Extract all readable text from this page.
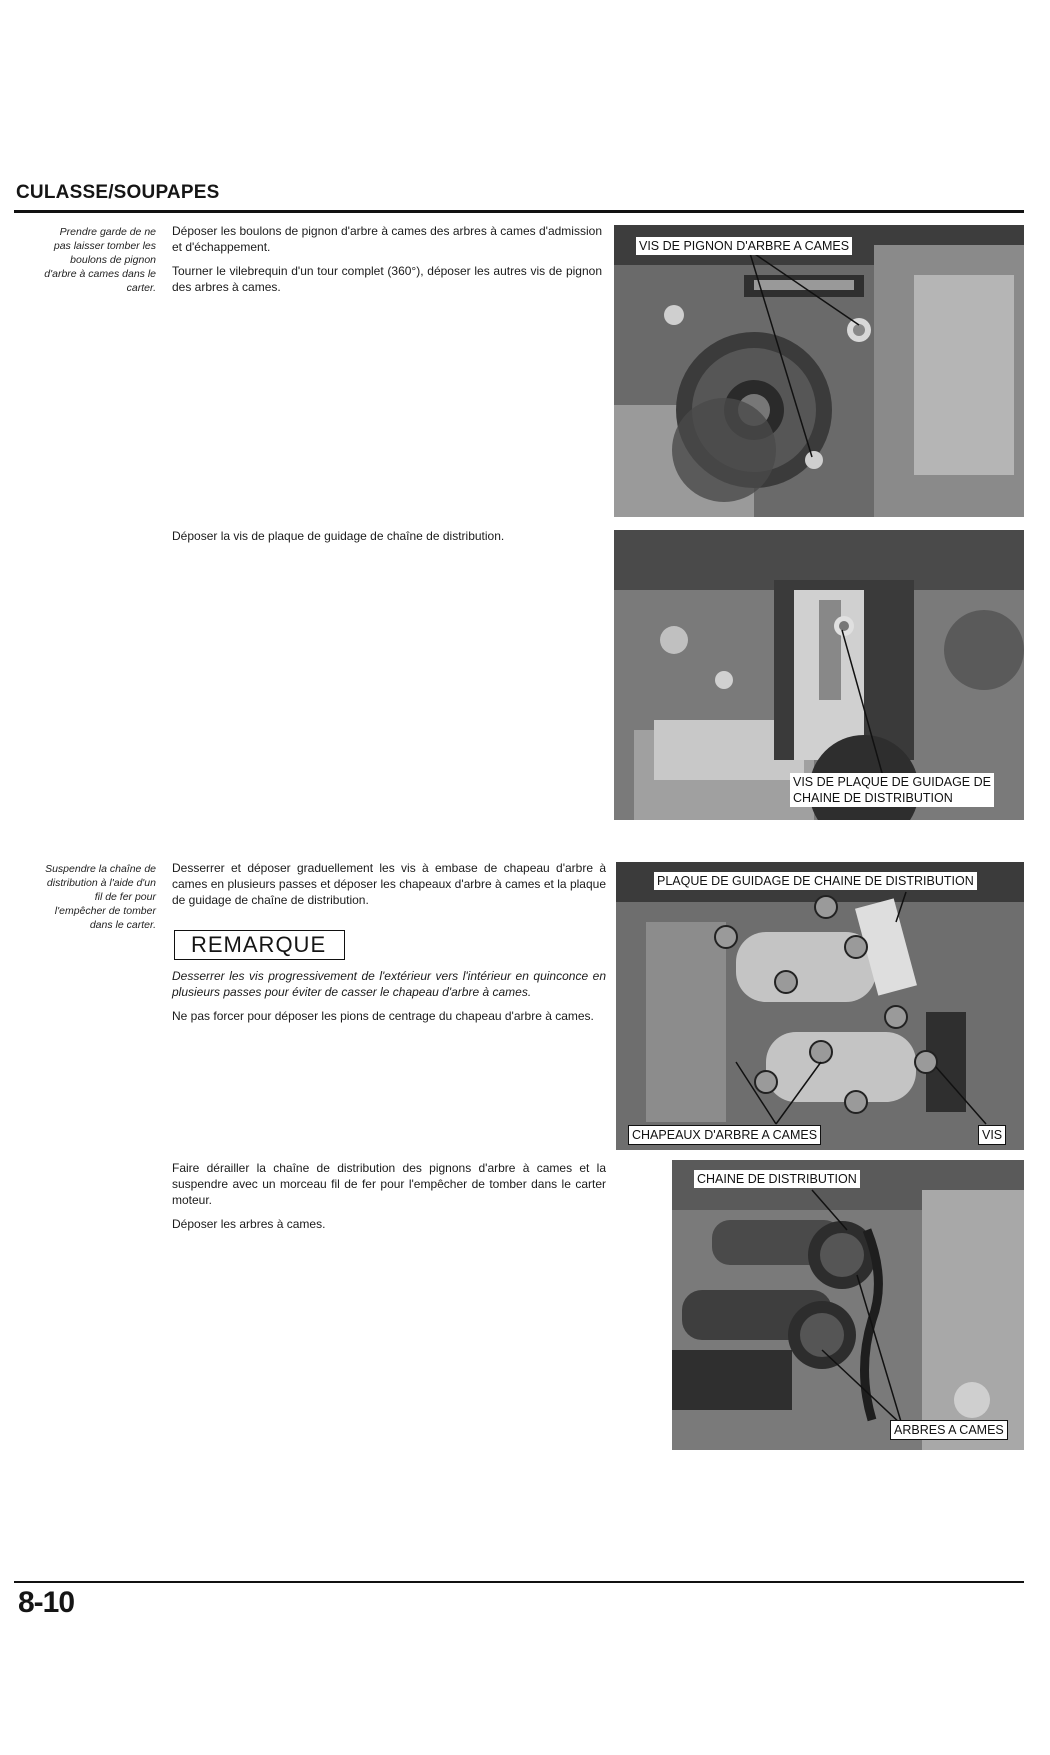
CULASSE/SOUPAPES
Prendre garde de ne
pas laisser tomber les
boulons de pignon
d'arbre à cames dans le
carter.

Déposer les boulons de pignon d'arbre à cames des arbres à cames d'admission et d'échappement.

Tourner le vilebrequin d'un tour complet (360°), déposer les autres vis de pignon des arbres à cames.

VIS DE PIGNON D'ARBRE A CAMES

Déposer la vis de plaque de guidage de chaîne de distribution.

VIS DE PLAQUE DE GUIDAGE DE
CHAINE DE DISTRIBUTION
Suspendre la chaîne de
distribution à l'aide d'un
fil de fer pour
l'empêcher de tomber
dans le carter.

Desserrer et déposer graduellement les vis à embase de chapeau d'arbre à cames en plusieurs passes et déposer les chapeaux d'arbre à cames et la plaque de guidage de chaîne de distribution.

REMARQUE

Desserrer les vis progressivement de l'extérieur vers l'intérieur en quinconce en plusieurs passes pour éviter de casser le chapeau d'arbre à cames.

Ne pas forcer pour déposer les pions de centrage du chapeau d'arbre à cames.

PLAQUE DE GUIDAGE DE CHAINE DE DISTRIBUTION
CHAPEAUX D'ARBRE A CAMES	VIS

Faire dérailler la chaîne de distribution des pignons d'arbre à cames et la suspendre avec un morceau fil de fer pour l'empêcher de tomber dans le carter moteur.

Déposer les arbres à cames.

CHAINE DE DISTRIBUTION
ARBRES A CAMES
8-10
